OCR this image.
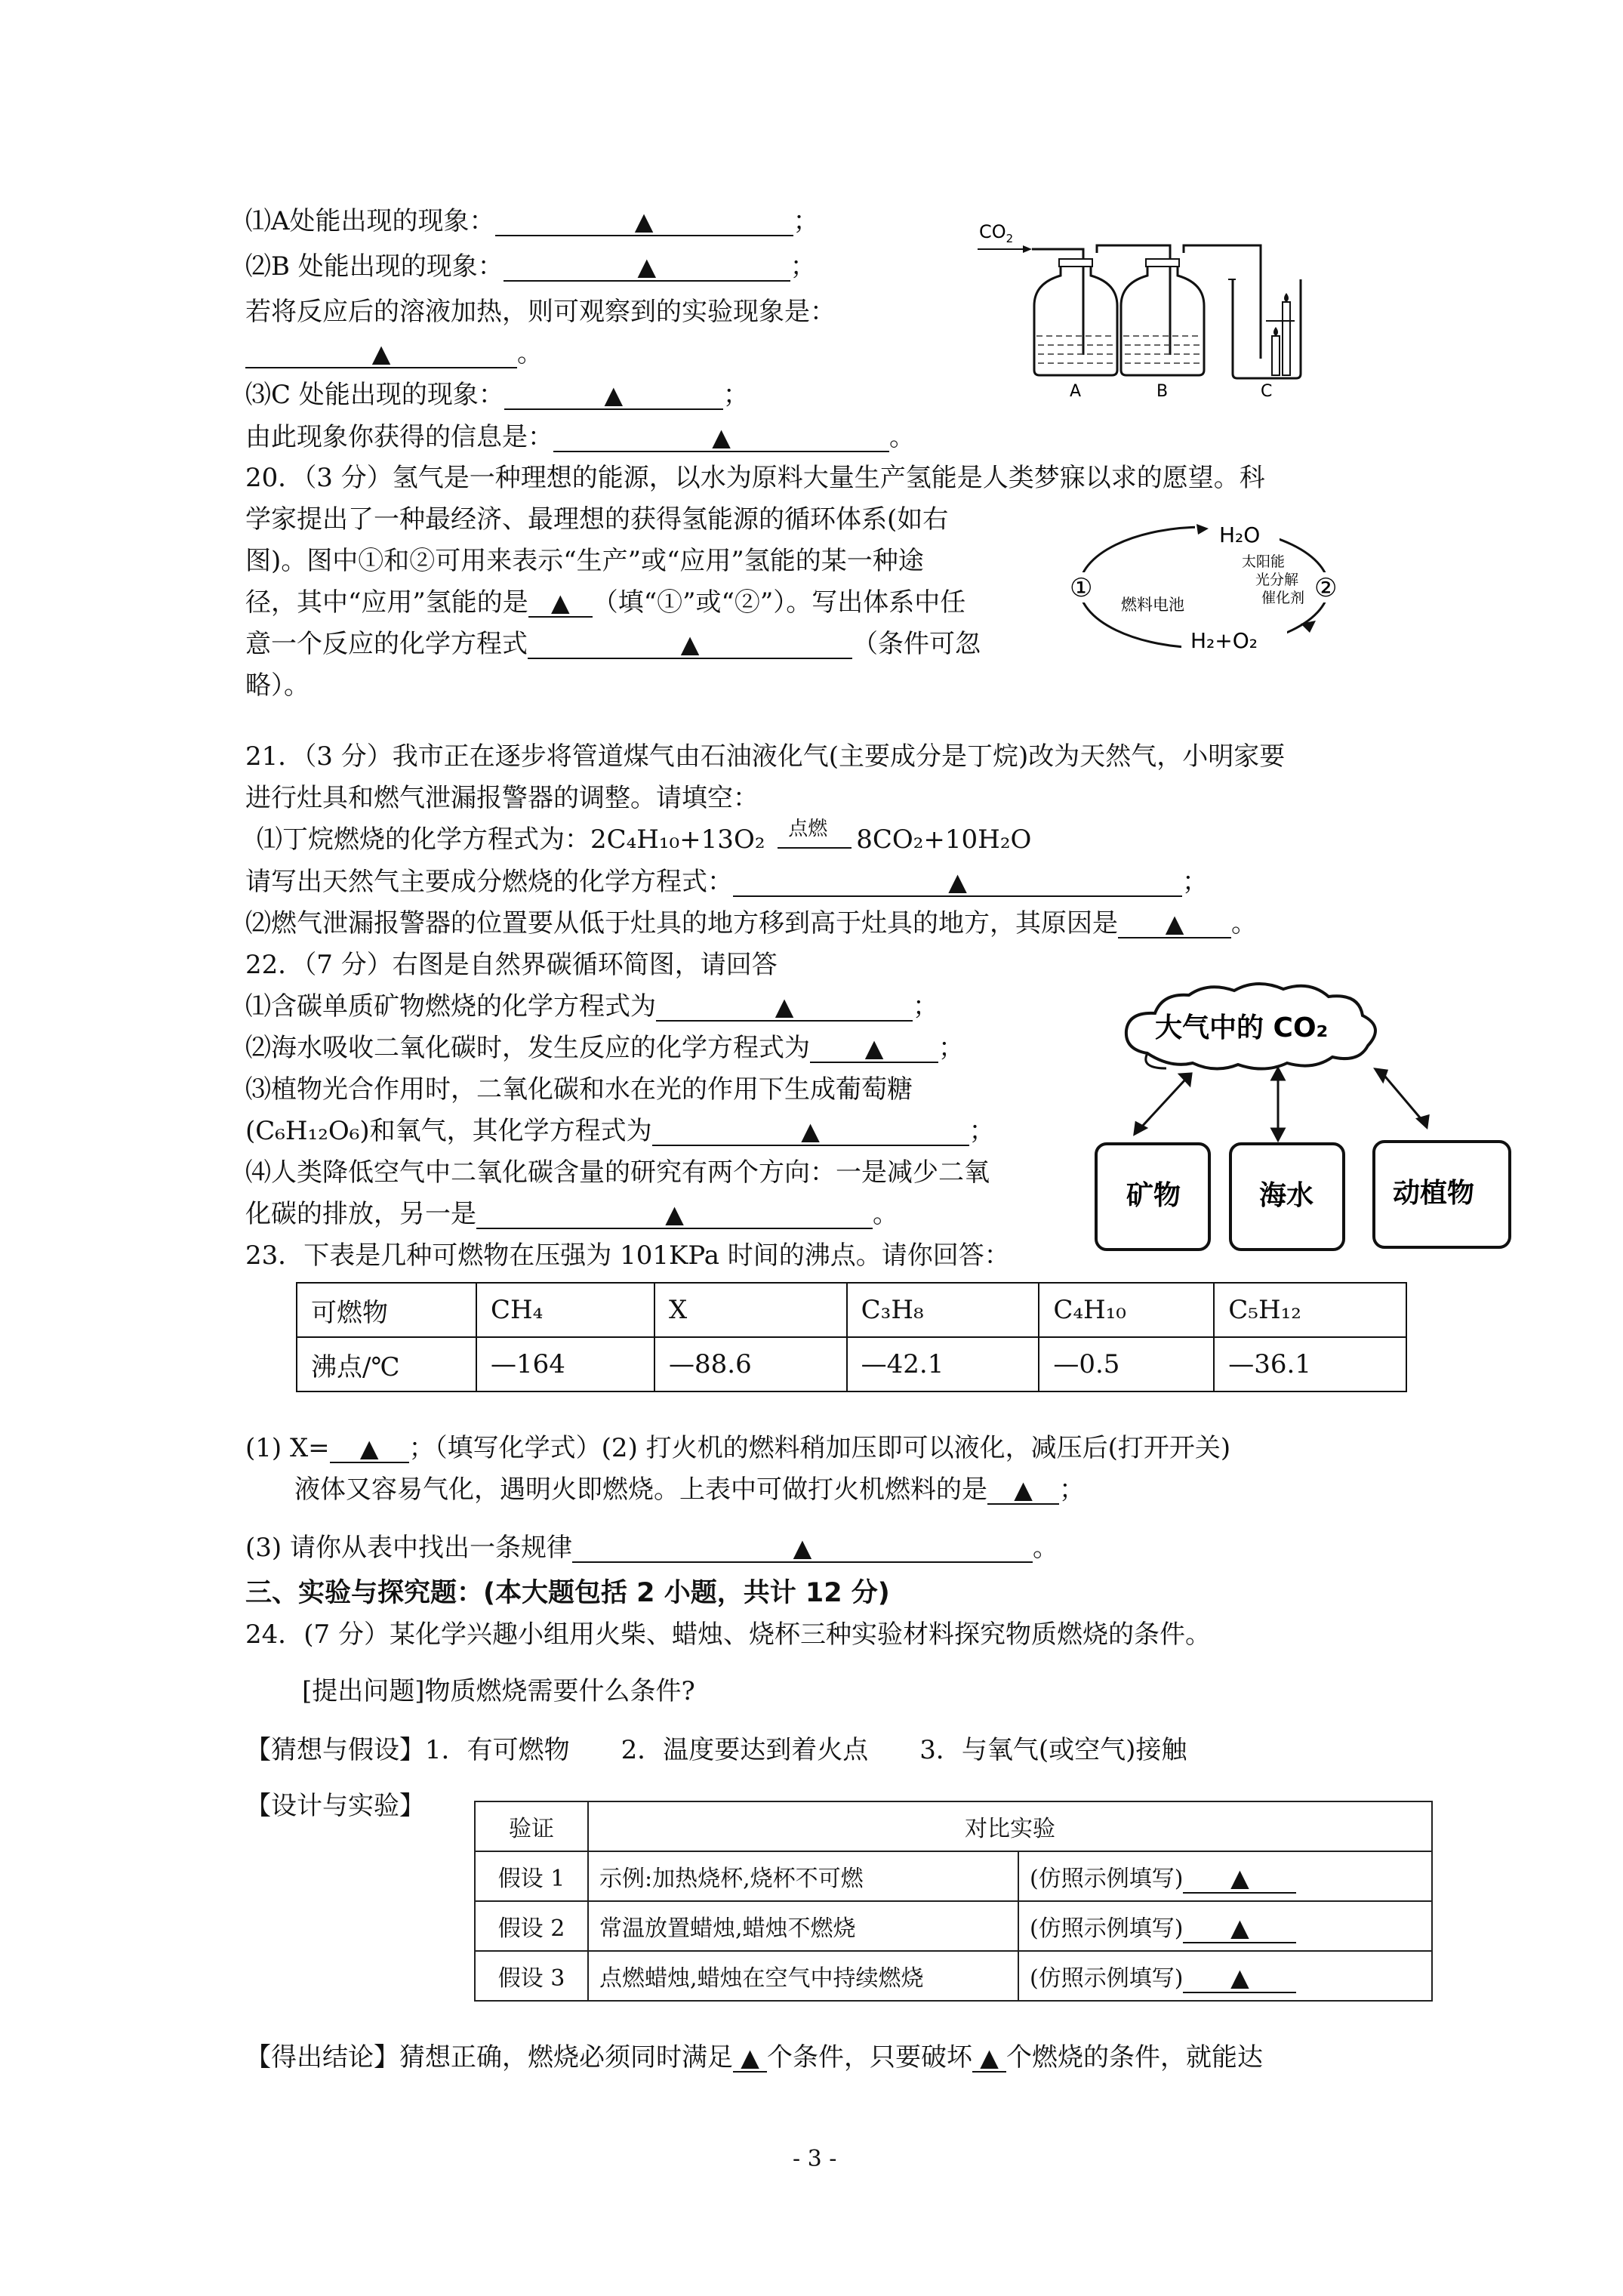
⑴A处能出现的现象：	▲	；
⑵B 处能出现的现象：	▲	；
若将反应后的溶液加热，则可观察到的实验现象是：
▲	。
⑶C 处能出现的现象：	▲	；
由此现象你获得的信息是：	▲	。
$CO_2$
A	B	C
20．（3 分）氢气是一种理想的能源，以水为原料大量生产氢能是人类梦寐以求的愿望。科
学家提出了一种最经济、最理想的获得氢能源的循环体系(如右
图)。图中①和②可用来表示“生产”或“应用”氢能的某一种途
径，其中“应用”氢能的是 ▲ （填“①”或“②”）。写出体系中任
意一个反应的化学方程式	▲	（条件可忽
略）。
H₂O
H₂+O₂
①	②
太阳能
光分解
催化剂
燃料电池
21．（3 分）我市正在逐步将管道煤气由石油液化气(主要成分是丁烷)改为天然气，小明家要
进行灶具和燃气泄漏报警器的调整。请填空：
⑴丁烷燃烧的化学方程式为：2C₄H₁₀+13O₂ 点燃 8CO₂+10H₂O
请写出天然气主要成分燃烧的化学方程式：	▲	；
⑵燃气泄漏报警器的位置要从低于灶具的地方移到高于灶具的地方，其原因是 ▲ 。
22．（7 分）右图是自然界碳循环简图，请回答
⑴含碳单质矿物燃烧的化学方程式为	▲	；
⑵海水吸收二氧化碳时，发生反应的化学方程式为 ▲ ；
⑶植物光合作用时，二氧化碳和水在光的作用下生成葡萄糖
(C₆H₁₂O₆)和氧气，其化学方程式为	▲	；
⑷人类降低空气中二氧化碳含量的研究有两个方向：一是减少二氧
化碳的排放，另一是	▲	。
大气中的 CO₂
矿物	海水	动植物
23．下表是几种可燃物在压强为 101KPa 时间的沸点。请你回答：
可燃物	CH₄	X	C₃H₈	C₄H₁₀	C₅H₁₂
沸点/℃	—164	—88.6	—42.1	—0.5	—36.1
(1) X= ▲ ；（填写化学式）(2) 打火机的燃料稍加压即可以液化，减压后(打开开关)
液体又容易气化，遇明火即燃烧。上表中可做打火机燃料的是 ▲ ；
(3) 请你从表中找出一条规律	▲	。
三、实验与探究题：(本大题包括 2 小题，共计 12 分)
24．(7 分）某化学兴趣小组用火柴、蜡烛、烧杯三种实验材料探究物质燃烧的条件。
[提出问题]物质燃烧需要什么条件?
【猜想与假设】1．有可燃物　　2．温度要达到着火点　　3．与氧气(或空气)接触
【设计与实验】
验证	对比实验	
假设 1	示例:加热烧杯,烧杯不可燃	(仿照示例填写) ▲
假设 2	常温放置蜡烛,蜡烛不燃烧	(仿照示例填写) ▲
假设 3	点燃蜡烛,蜡烛在空气中持续燃烧	(仿照示例填写) ▲
【得出结论】猜想正确，燃烧必须同时满足 ▲ 个条件，只要破坏 ▲ 个燃烧的条件，就能达
- 3 -
